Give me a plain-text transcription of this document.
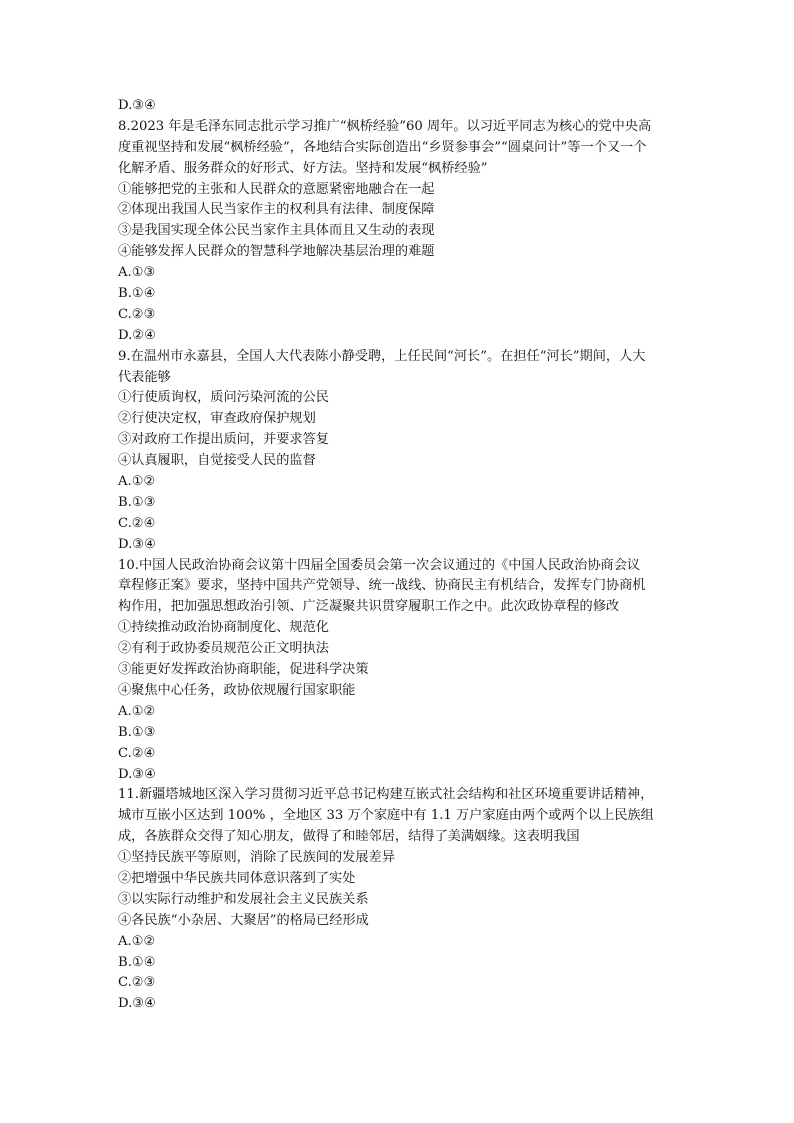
D.③④
8.2023 年是毛泽东同志批示学习推广“枫桥经验”60 周年。以习近平同志为核心的党中央高
度重视坚持和发展“枫桥经验”，各地结合实际创造出“乡贤参事会”“圆桌问计”等一个又一个
化解矛盾、服务群众的好形式、好方法。坚持和发展“枫桥经验”
①能够把党的主张和人民群众的意愿紧密地融合在一起
②体现出我国人民当家作主的权利具有法律、制度保障
③是我国实现全体公民当家作主具体而且又生动的表现
④能够发挥人民群众的智慧科学地解决基层治理的难题
A.①③
B.①④
C.②③
D.②④
9.在温州市永嘉县，全国人大代表陈小静受聘，上任民间“河长”。在担任“河长”期间，人大
代表能够
①行使质询权，质问污染河流的公民
②行使决定权，审查政府保护规划
③对政府工作提出质问，并要求答复
④认真履职，自觉接受人民的监督
A.①②
B.①③
C.②④
D.③④
10.中国人民政治协商会议第十四届全国委员会第一次会议通过的《中国人民政治协商会议
章程修正案》要求，坚持中国共产党领导、统一战线、协商民主有机结合，发挥专门协商机
构作用，把加强思想政治引领、广泛凝聚共识贯穿履职工作之中。此次政协章程的修改
①持续推动政治协商制度化、规范化
②有利于政协委员规范公正文明执法
③能更好发挥政治协商职能，促进科学决策
④聚焦中心任务，政协依规履行国家职能
A.①②
B.①③
C.②④
D.③④
11.新疆塔城地区深入学习贯彻习近平总书记构建互嵌式社会结构和社区环境重要讲话精神，
城市互嵌小区达到 100% ，全地区 33 万个家庭中有 1.1 万户家庭由两个或两个以上民族组
成，各族群众交得了知心朋友，做得了和睦邻居，结得了美满姻缘。这表明我国
①坚持民族平等原则，消除了民族间的发展差异
②把增强中华民族共同体意识落到了实处
③以实际行动维护和发展社会主义民族关系
④各民族“小杂居、大聚居”的格局已经形成
A.①②
B.①④
C.②③
D.③④
